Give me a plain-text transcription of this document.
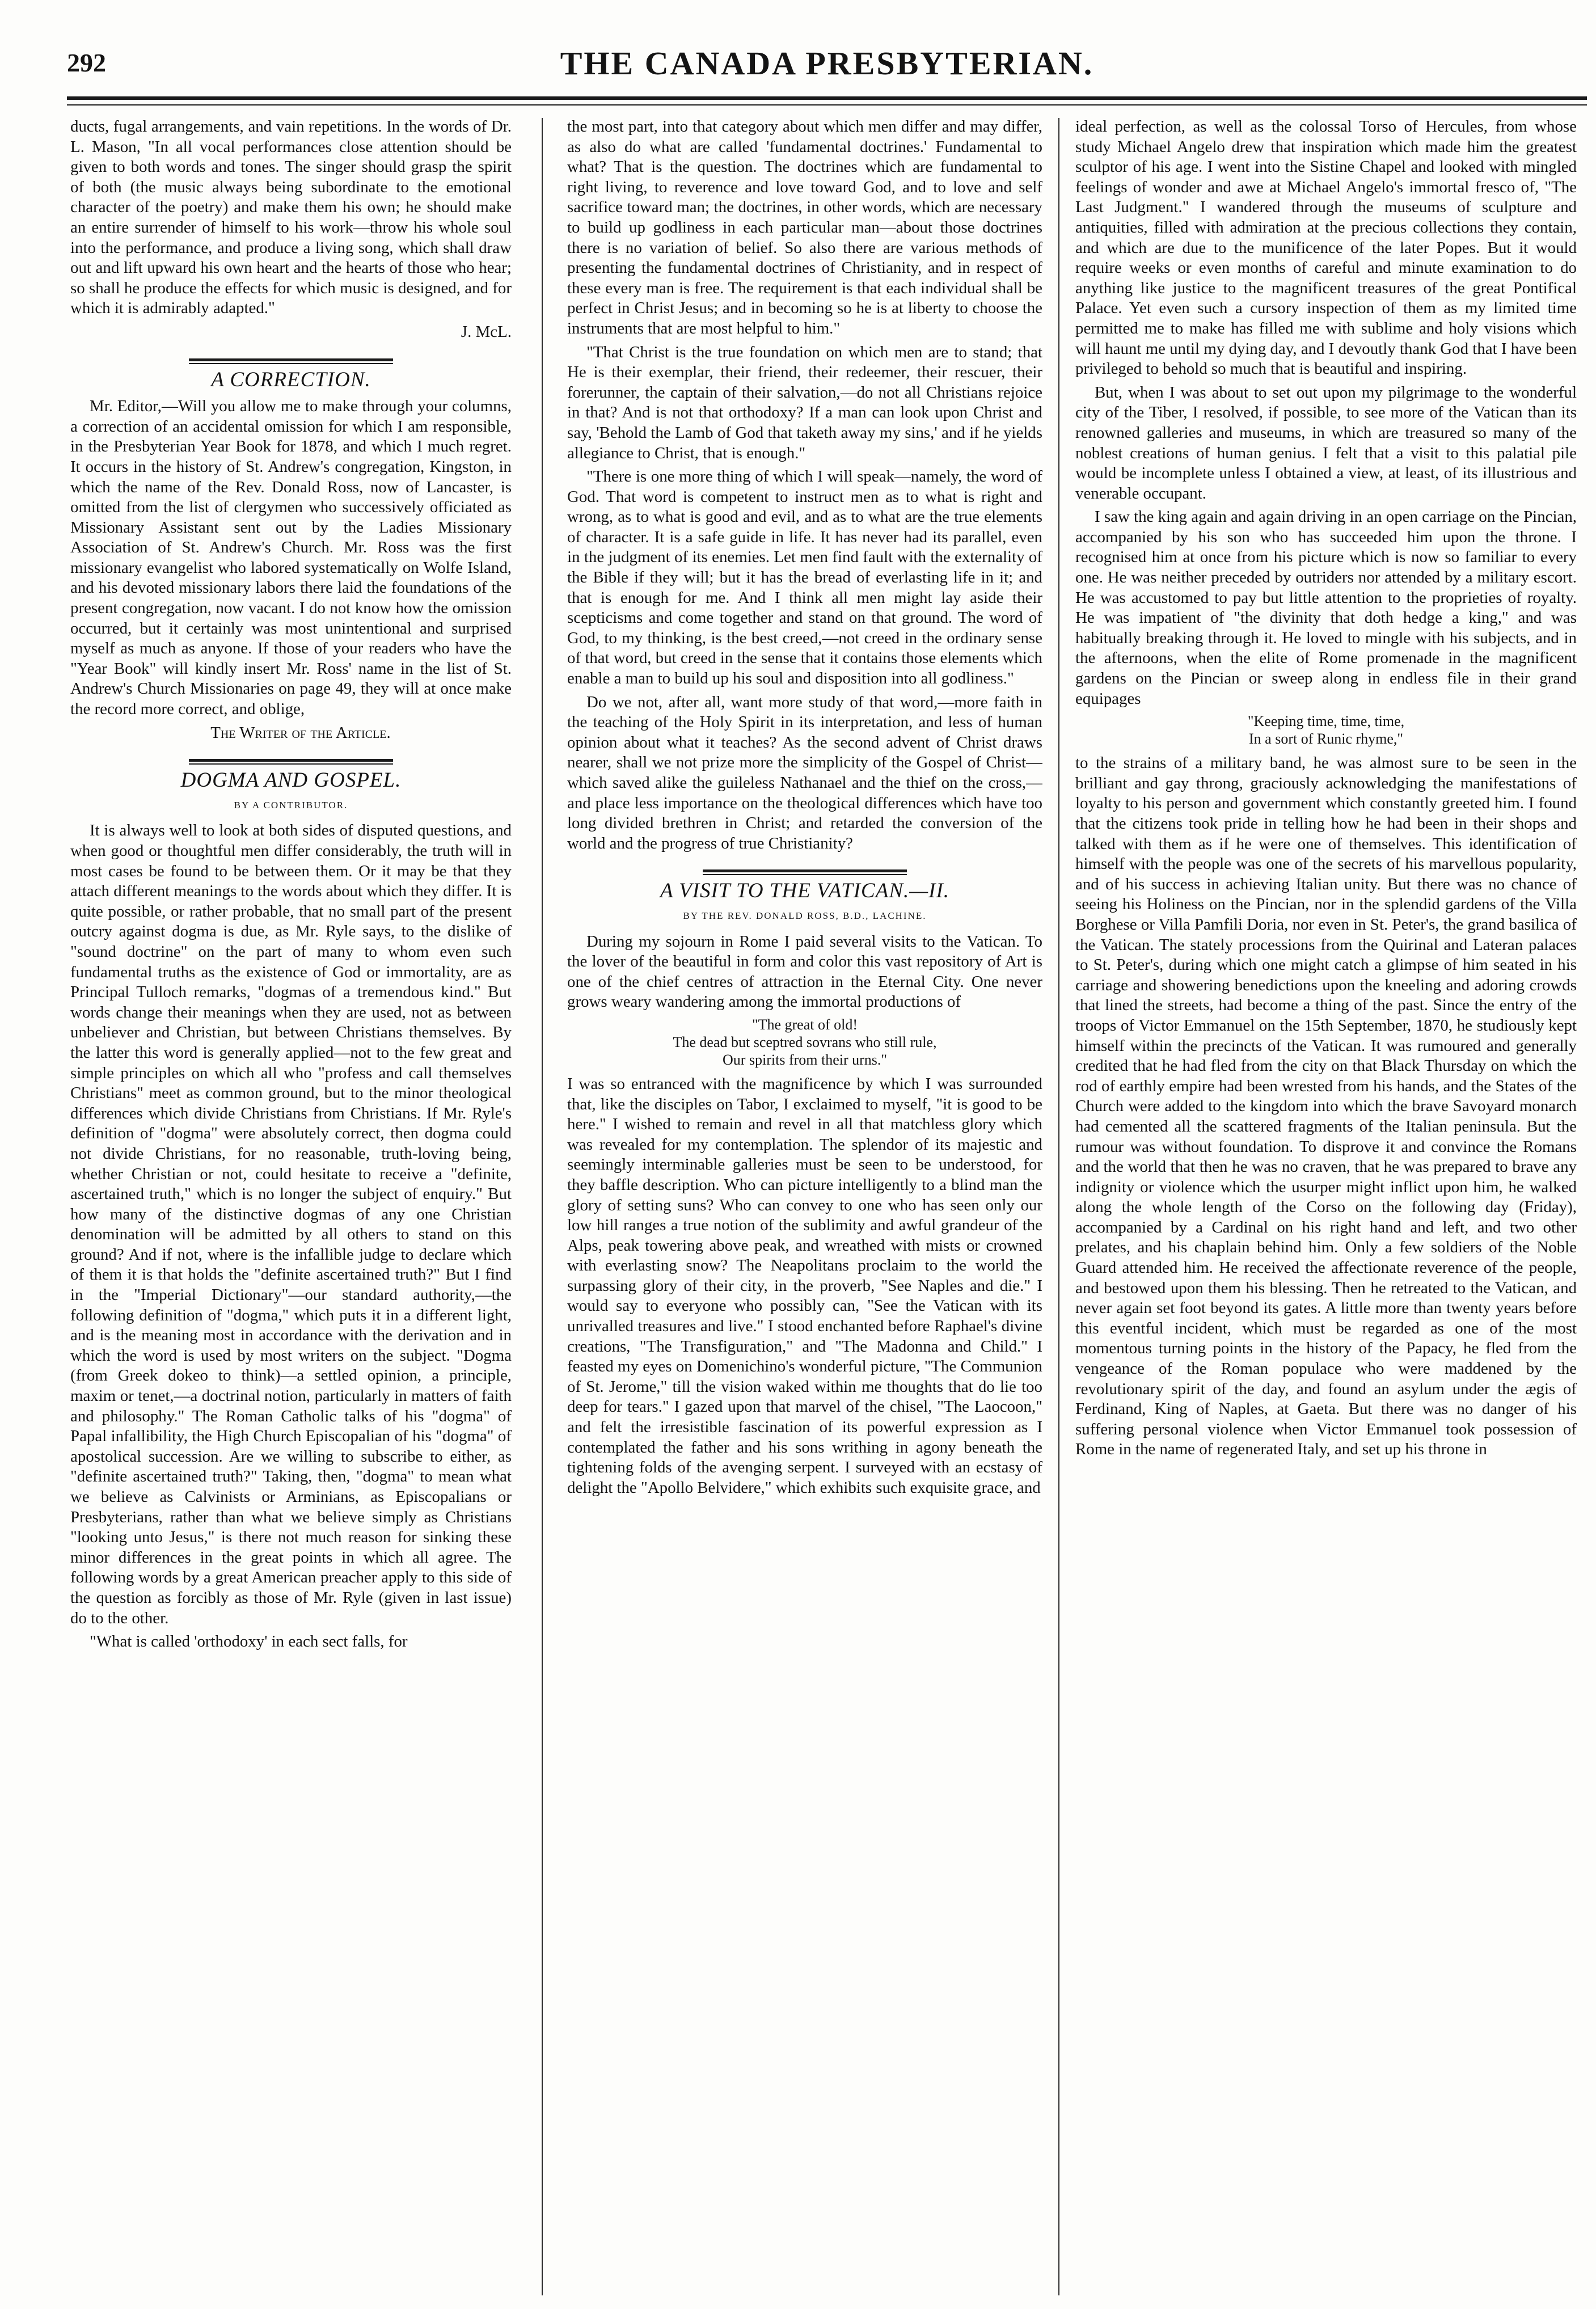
292	THE CANADA PRESBYTERIAN.

ducts, fugal arrangements, and vain repetitions. In the words of Dr. L. Mason, "In all vocal performances close attention should be given to both words and tones. The singer should grasp the spirit of both (the music always being subordinate to the emotional character of the poetry) and make them his own; he should make an entire surrender of himself to his work—throw his whole soul into the performance, and produce a living song, which shall draw out and lift upward his own heart and the hearts of those who hear; so shall he produce the effects for which music is designed, and for which it is admirably adapted."

J. McL.

A CORRECTION.

Mr. Editor,—Will you allow me to make through your columns, a correction of an accidental omission for which I am responsible, in the Presbyterian Year Book for 1878, and which I much regret. It occurs in the history of St. Andrew's congregation, Kingston, in which the name of the Rev. Donald Ross, now of Lancaster, is omitted from the list of clergymen who successively officiated as Missionary Assistant sent out by the Ladies Missionary Association of St. Andrew's Church. Mr. Ross was the first missionary evangelist who labored systematically on Wolfe Island, and his devoted missionary labors there laid the foundations of the present congregation, now vacant. I do not know how the omission occurred, but it certainly was most unintentional and surprised myself as much as anyone. If those of your readers who have the "Year Book" will kindly insert Mr. Ross' name in the list of St. Andrew's Church Missionaries on page 49, they will at once make the record more correct, and oblige,

The Writer of the Article.

DOGMA AND GOSPEL.
BY A CONTRIBUTOR.

It is always well to look at both sides of disputed questions, and when good or thoughtful men differ considerably, the truth will in most cases be found to be between them. Or it may be that they attach different meanings to the words about which they differ. It is quite possible, or rather probable, that no small part of the present outcry against dogma is due, as Mr. Ryle says, to the dislike of "sound doctrine" on the part of many to whom even such fundamental truths as the existence of God or immortality, are as Principal Tulloch remarks, "dogmas of a tremendous kind." But words change their meanings when they are used, not as between unbeliever and Christian, but between Christians themselves. By the latter this word is generally applied—not to the few great and simple principles on which all who "profess and call themselves Christians" meet as common ground, but to the minor theological differences which divide Christians from Christians. If Mr. Ryle's definition of "dogma" were absolutely correct, then dogma could not divide Christians, for no reasonable, truth-loving being, whether Christian or not, could hesitate to receive a "definite, ascertained truth," which is no longer the subject of enquiry." But how many of the distinctive dogmas of any one Christian denomination will be admitted by all others to stand on this ground? And if not, where is the infallible judge to declare which of them it is that holds the "definite ascertained truth?" But I find in the "Imperial Dictionary"—our standard authority,—the following definition of "dogma," which puts it in a different light, and is the meaning most in accordance with the derivation and in which the word is used by most writers on the subject. "Dogma (from Greek dokeo to think)—a settled opinion, a principle, maxim or tenet,—a doctrinal notion, particularly in matters of faith and philosophy." The Roman Catholic talks of his "dogma" of Papal infallibility, the High Church Episcopalian of his "dogma" of apostolical succession. Are we willing to subscribe to either, as "definite ascertained truth?" Taking, then, "dogma" to mean what we believe as Calvinists or Arminians, as Episcopalians or Presbyterians, rather than what we believe simply as Christians "looking unto Jesus," is there not much reason for sinking these minor differences in the great points in which all agree. The following words by a great American preacher apply to this side of the question as forcibly as those of Mr. Ryle (given in last issue) do to the other.

"What is called 'orthodoxy' in each sect falls, for

the most part, into that category about which men differ and may differ, as also do what are called 'fundamental doctrines.' Fundamental to what? That is the question. The doctrines which are fundamental to right living, to reverence and love toward God, and to love and self sacrifice toward man; the doctrines, in other words, which are necessary to build up godliness in each particular man—about those doctrines there is no variation of belief. So also there are various methods of presenting the fundamental doctrines of Christianity, and in respect of these every man is free. The requirement is that each individual shall be perfect in Christ Jesus; and in becoming so he is at liberty to choose the instruments that are most helpful to him."

"That Christ is the true foundation on which men are to stand; that He is their exemplar, their friend, their redeemer, their rescuer, their forerunner, the captain of their salvation,—do not all Christians rejoice in that? And is not that orthodoxy? If a man can look upon Christ and say, 'Behold the Lamb of God that taketh away my sins,' and if he yields allegiance to Christ, that is enough."

"There is one more thing of which I will speak—namely, the word of God. That word is competent to instruct men as to what is right and wrong, as to what is good and evil, and as to what are the true elements of character. It is a safe guide in life. It has never had its parallel, even in the judgment of its enemies. Let men find fault with the externality of the Bible if they will; but it has the bread of everlasting life in it; and that is enough for me. And I think all men might lay aside their scepticisms and come together and stand on that ground. The word of God, to my thinking, is the best creed,—not creed in the ordinary sense of that word, but creed in the sense that it contains those elements which enable a man to build up his soul and disposition into all godliness."

Do we not, after all, want more study of that word,—more faith in the teaching of the Holy Spirit in its interpretation, and less of human opinion about what it teaches? As the second advent of Christ draws nearer, shall we not prize more the simplicity of the Gospel of Christ—which saved alike the guileless Nathanael and the thief on the cross,—and place less importance on the theological differences which have too long divided brethren in Christ; and retarded the conversion of the world and the progress of true Christianity?

A VISIT TO THE VATICAN.—II.
BY THE REV. DONALD ROSS, B.D., LACHINE.

During my sojourn in Rome I paid several visits to the Vatican. To the lover of the beautiful in form and color this vast repository of Art is one of the chief centres of attraction in the Eternal City. One never grows weary wandering among the immortal productions of

"The great of old!
The dead but sceptred sovrans who still rule,
Our spirits from their urns."

I was so entranced with the magnificence by which I was surrounded that, like the disciples on Tabor, I exclaimed to myself, "it is good to be here." I wished to remain and revel in all that matchless glory which was revealed for my contemplation. The splendor of its majestic and seemingly interminable galleries must be seen to be understood, for they baffle description. Who can picture intelligently to a blind man the glory of setting suns? Who can convey to one who has seen only our low hill ranges a true notion of the sublimity and awful grandeur of the Alps, peak towering above peak, and wreathed with mists or crowned with everlasting snow? The Neapolitans proclaim to the world the surpassing glory of their city, in the proverb, "See Naples and die." I would say to everyone who possibly can, "See the Vatican with its unrivalled treasures and live." I stood enchanted before Raphael's divine creations, "The Transfiguration," and "The Madonna and Child." I feasted my eyes on Domenichino's wonderful picture, "The Communion of St. Jerome," till the vision waked within me thoughts that do lie too deep for tears." I gazed upon that marvel of the chisel, "The Laocoon," and felt the irresistible fascination of its powerful expression as I contemplated the father and his sons writhing in agony beneath the tightening folds of the avenging serpent. I surveyed with an ecstasy of delight the "Apollo Belvidere," which exhibits such exquisite grace, and

ideal perfection, as well as the colossal Torso of Hercules, from whose study Michael Angelo drew that inspiration which made him the greatest sculptor of his age. I went into the Sistine Chapel and looked with mingled feelings of wonder and awe at Michael Angelo's immortal fresco of, "The Last Judgment." I wandered through the museums of sculpture and antiquities, filled with admiration at the precious collections they contain, and which are due to the munificence of the later Popes. But it would require weeks or even months of careful and minute examination to do anything like justice to the magnificent treasures of the great Pontifical Palace. Yet even such a cursory inspection of them as my limited time permitted me to make has filled me with sublime and holy visions which will haunt me until my dying day, and I devoutly thank God that I have been privileged to behold so much that is beautiful and inspiring.

But, when I was about to set out upon my pilgrimage to the wonderful city of the Tiber, I resolved, if possible, to see more of the Vatican than its renowned galleries and museums, in which are treasured so many of the noblest creations of human genius. I felt that a visit to this palatial pile would be incomplete unless I obtained a view, at least, of its illustrious and venerable occupant.

I saw the king again and again driving in an open carriage on the Pincian, accompanied by his son who has succeeded him upon the throne. I recognised him at once from his picture which is now so familiar to every one. He was neither preceded by outriders nor attended by a military escort. He was accustomed to pay but little attention to the proprieties of royalty. He was impatient of "the divinity that doth hedge a king," and was habitually breaking through it. He loved to mingle with his subjects, and in the afternoons, when the elite of Rome promenade in the magnificent gardens on the Pincian or sweep along in endless file in their grand equipages

"Keeping time, time, time,
In a sort of Runic rhyme,"

to the strains of a military band, he was almost sure to be seen in the brilliant and gay throng, graciously acknowledging the manifestations of loyalty to his person and government which constantly greeted him. I found that the citizens took pride in telling how he had been in their shops and talked with them as if he were one of themselves. This identification of himself with the people was one of the secrets of his marvellous popularity, and of his success in achieving Italian unity. But there was no chance of seeing his Holiness on the Pincian, nor in the splendid gardens of the Villa Borghese or Villa Pamfili Doria, nor even in St. Peter's, the grand basilica of the Vatican. The stately processions from the Quirinal and Lateran palaces to St. Peter's, during which one might catch a glimpse of him seated in his carriage and showering benedictions upon the kneeling and adoring crowds that lined the streets, had become a thing of the past. Since the entry of the troops of Victor Emmanuel on the 15th September, 1870, he studiously kept himself within the precincts of the Vatican. It was rumoured and generally credited that he had fled from the city on that Black Thursday on which the rod of earthly empire had been wrested from his hands, and the States of the Church were added to the kingdom into which the brave Savoyard monarch had cemented all the scattered fragments of the Italian peninsula. But the rumour was without foundation. To disprove it and convince the Romans and the world that then he was no craven, that he was prepared to brave any indignity or violence which the usurper might inflict upon him, he walked along the whole length of the Corso on the following day (Friday), accompanied by a Cardinal on his right hand and left, and two other prelates, and his chaplain behind him. Only a few soldiers of the Noble Guard attended him. He received the affectionate reverence of the people, and bestowed upon them his blessing. Then he retreated to the Vatican, and never again set foot beyond its gates. A little more than twenty years before this eventful incident, which must be regarded as one of the most momentous turning points in the history of the Papacy, he fled from the vengeance of the Roman populace who were maddened by the revolutionary spirit of the day, and found an asylum under the ægis of Ferdinand, King of Naples, at Gaeta. But there was no danger of his suffering personal violence when Victor Emmanuel took possession of Rome in the name of regenerated Italy, and set up his throne in
